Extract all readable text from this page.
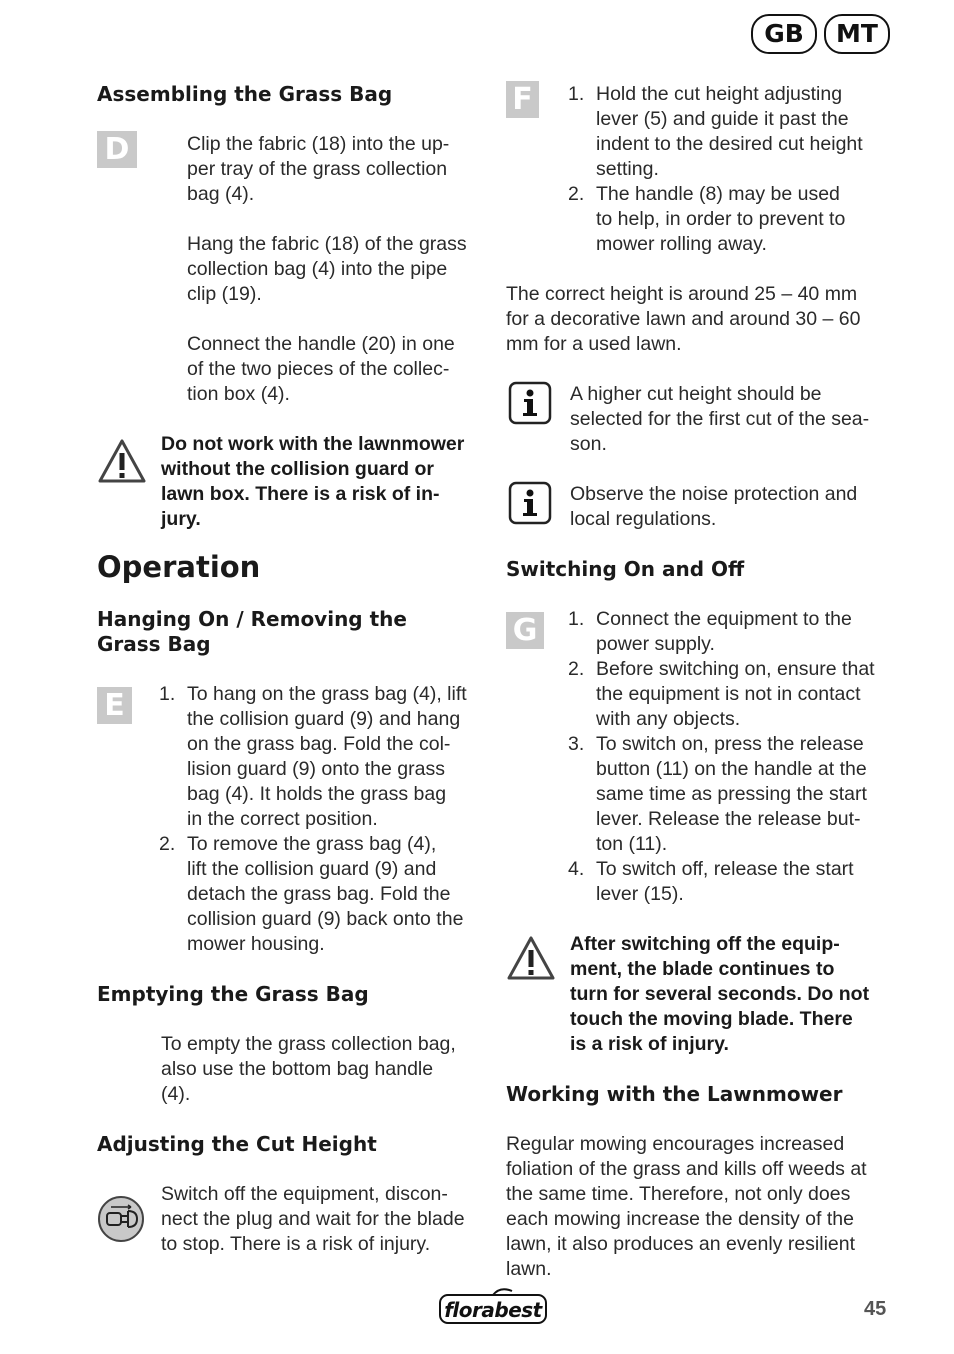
GB	MT
Assembling the Grass Bag
D	Clip the fabric (18) into the up-
per tray of the grass collection
bag (4).
Hang the fabric (18) of the grass
collection bag (4) into the pipe
clip (19).
Connect the handle (20) in one
of the two pieces of the collec-
tion box (4).
Do not work with the lawnmower
without the collision guard or
lawn box. There is a risk of in-
jury.
Operation
Hanging On / Removing the
Grass Bag
E	1. To hang on the grass bag (4), lift
the collision guard (9) and hang
on the grass bag. Fold the col-
lision guard (9) onto the grass
bag (4). It holds the grass bag
in the correct position.
2. To remove the grass bag (4),
lift the collision guard (9) and
detach the grass bag. Fold the
collision guard (9) back onto the
mower housing.
Emptying the Grass Bag
To empty the grass collection bag,
also use the bottom bag handle
(4).
Adjusting the Cut Height
Switch off the equipment, discon-
nect the plug and wait for the blade
to stop. There is a risk of injury.
F	1. Hold the cut height adjusting
lever (5) and guide it past the
indent to the desired cut height
setting.
2. The handle (8) may be used
to help, in order to prevent to
mower rolling away.
The correct height is around 25 – 40 mm
for a decorative lawn and around 30 – 60
mm for a used lawn.
A higher cut height should be
selected for the first cut of the sea-
son.
Observe the noise protection and
local regulations.
Switching On and Off
G	1. Connect the equipment to the
power supply.
2. Before switching on, ensure that
the equipment is not in contact
with any objects.
3. To switch on, press the release
button (11) on the handle at the
same time as pressing the start
lever. Release the release but-
ton (11).
4. To switch off, release the start
lever (15).
After switching off the equip-
ment, the blade continues to
turn for several seconds. Do not
touch the moving blade. There
is a risk of injury.
Working with the Lawnmower
Regular mowing encourages increased
foliation of the grass and kills off weeds at
the same time. Therefore, not only does
each mowing increase the density of the
lawn, it also produces an evenly resilient
lawn.
florabest	45
